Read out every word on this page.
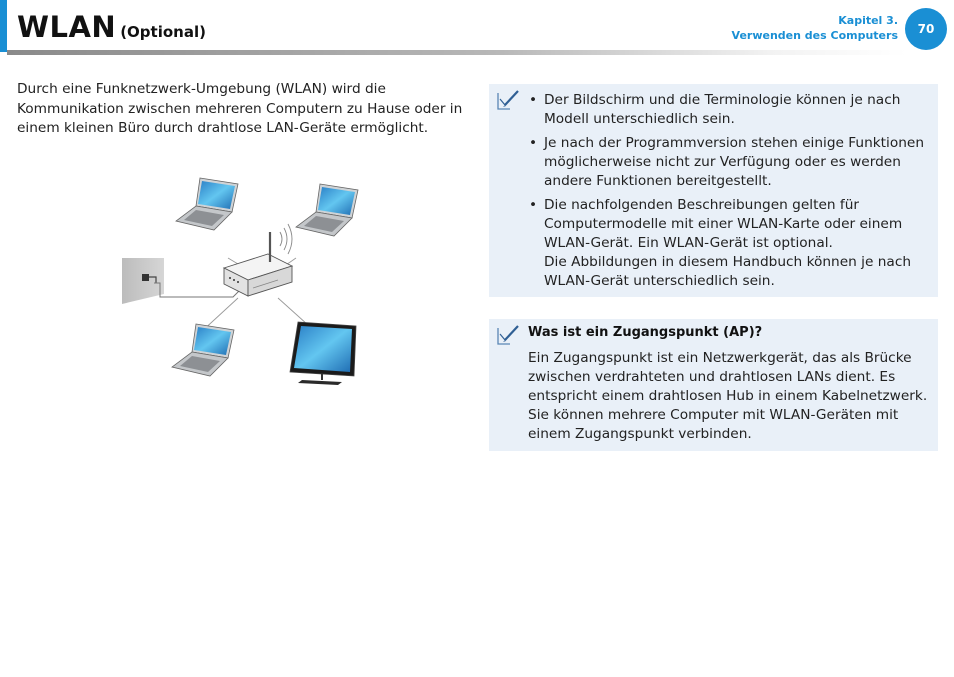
WLAN (Optional)
Kapitel 3.
Verwenden des Computers	70

Durch eine Funknetzwerk-Umgebung (WLAN) wird die Kommunikation zwischen mehreren Computern zu Hause oder in einem kleinen Büro durch drahtlose LAN-Geräte ermöglicht.

• Der Bildschirm und die Terminologie können je nach Modell unterschiedlich sein.
• Je nach der Programmversion stehen einige Funktionen möglicherweise nicht zur Verfügung oder es werden andere Funktionen bereitgestellt.
• Die nachfolgenden Beschreibungen gelten für Computermodelle mit einer WLAN-Karte oder einem WLAN-Gerät. Ein WLAN-Gerät ist optional.
Die Abbildungen in diesem Handbuch können je nach WLAN-Gerät unterschiedlich sein.
Was ist ein Zugangspunkt (AP)?

Ein Zugangspunkt ist ein Netzwerkgerät, das als Brücke zwischen verdrahteten und drahtlosen LANs dient. Es entspricht einem drahtlosen Hub in einem Kabelnetzwerk. Sie können mehrere Computer mit WLAN-Geräten mit einem Zugangspunkt verbinden.
